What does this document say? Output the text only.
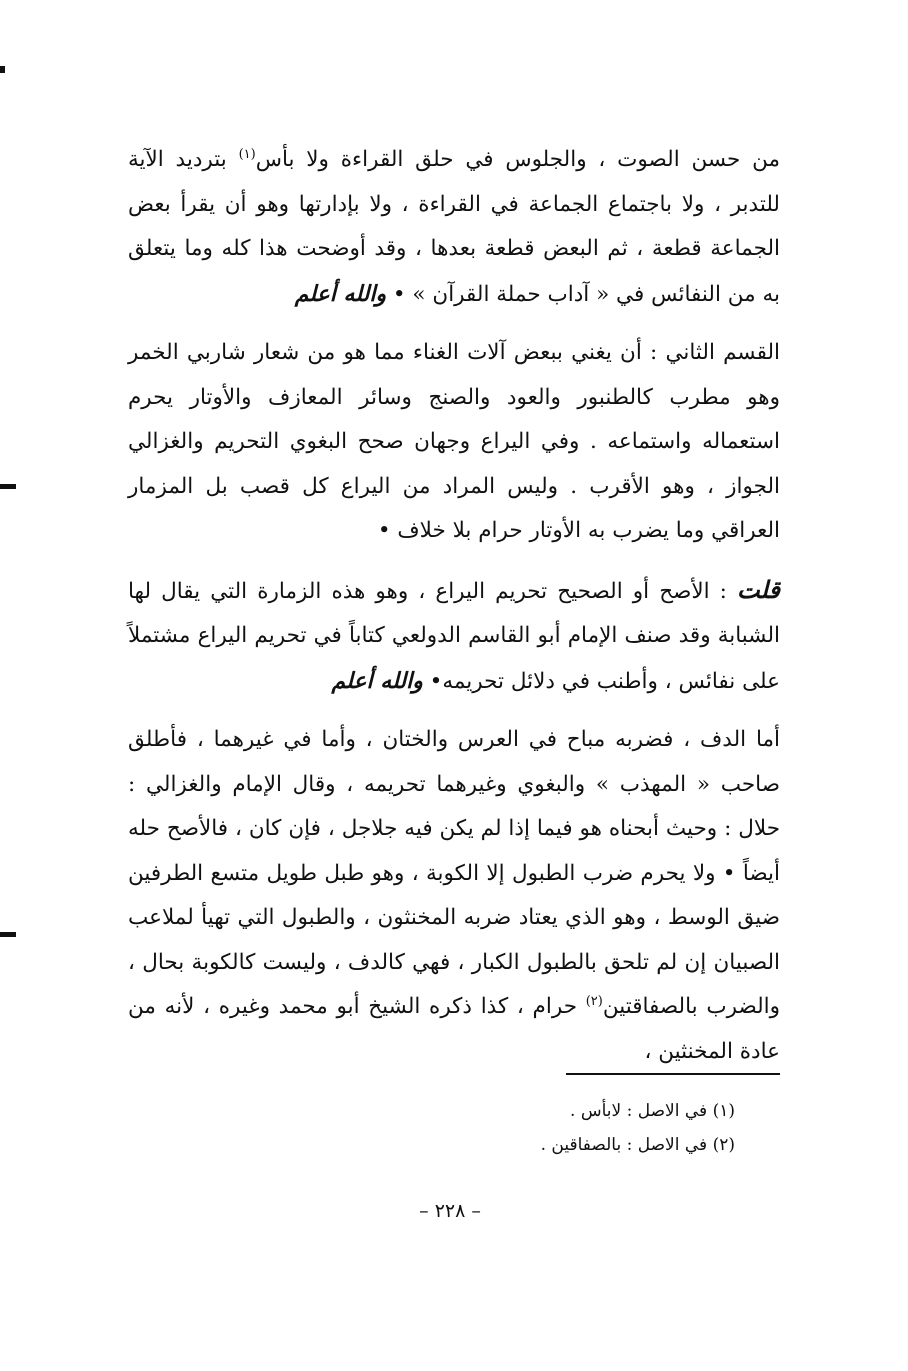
من حسن الصوت ، والجلوس في حلق القراءة ولا بأس$^{(١)}$ بترديد الآية للتدبر ، ولا باجتماع الجماعة في القراءة ، ولا بإدارتها وهو أن يقرأ بعض الجماعة قطعة ، ثم البعض قطعة بعدها ، وقد أوضحت هذا كله وما يتعلق به من النفائس في « آداب حملة القرآن » • والله أعلم

القسم الثاني : أن يغني ببعض آلات الغناء مما هو من شعار شاربي الخمر وهو مطرب كالطنبور والعود والصنج وسائر المعازف والأوتار يحرم استعماله واستماعه . وفي اليراع وجهان صحح البغوي التحريم والغزالي الجواز ، وهو الأقرب . وليس المراد من اليراع كل قصب بل المزمار العراقي وما يضرب به الأوتار حرام بلا خلاف •

قلت : الأصح أو الصحيح تحريم اليراع ، وهو هذه الزمارة التي يقال لها الشبابة وقد صنف الإمام أبو القاسم الدولعي كتاباً في تحريم اليراع مشتملاً على نفائس ، وأطنب في دلائل تحريمه• والله أعلم

أما الدف ، فضربه مباح في العرس والختان ، وأما في غيرهما ، فأطلق صاحب « المهذب » والبغوي وغيرهما تحريمه ، وقال الإمام والغزالي : حلال : وحيث أبحناه هو فيما إذا لم يكن فيه جلاجل ، فإن كان ، فالأصح حله أيضاً • ولا يحرم ضرب الطبول إلا الكوبة ، وهو طبل طويل متسع الطرفين ضيق الوسط ، وهو الذي يعتاد ضربه المخنثون ، والطبول التي تهيأ لملاعب الصبيان إن لم تلحق بالطبول الكبار ، فهي كالدف ، وليست كالكوبة بحال ، والضرب بالصفاقتين$^{(٢)}$ حرام ، كذا ذكره الشيخ أبو محمد وغيره ، لأنه من عادة المخنثين ،

(١) في الاصل : لابأس .
(٢) في الاصل : بالصفاقين .
– ٢٢٨ –
